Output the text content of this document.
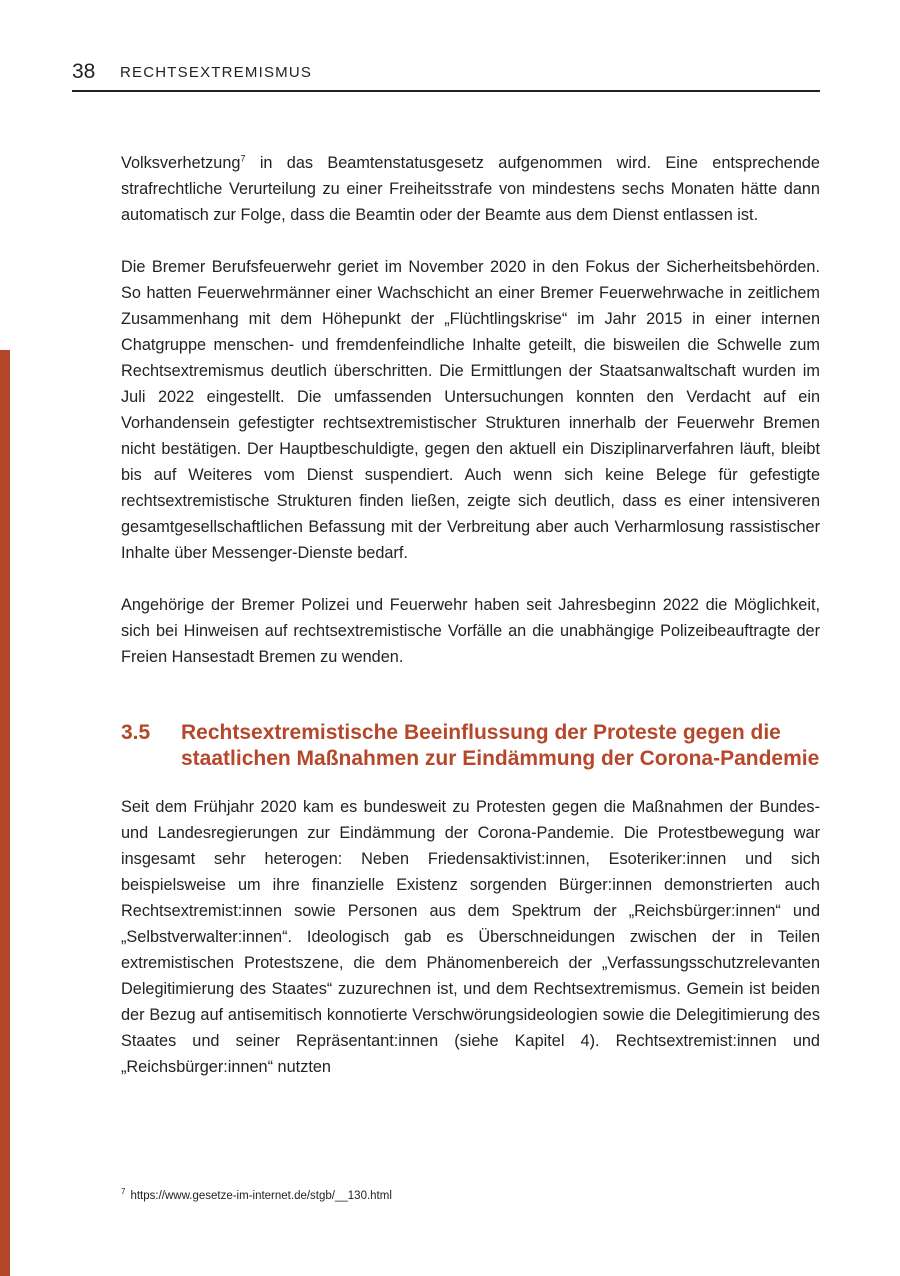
38 RECHTSEXTREMISMUS

Volksverhetzung$^7$ in das Beamtenstatusgesetz aufgenommen wird. Eine entsprechende strafrechtliche Verurteilung zu einer Freiheitsstrafe von mindestens sechs Monaten hätte dann automatisch zur Folge, dass die Beamtin oder der Beamte aus dem Dienst entlassen ist.

Die Bremer Berufsfeuerwehr geriet im November 2020 in den Fokus der Sicherheitsbehörden. So hatten Feuerwehrmänner einer Wachschicht an einer Bremer Feuerwehrwache in zeitlichem Zusammenhang mit dem Höhepunkt der „Flüchtlingskrise“ im Jahr 2015 in einer internen Chatgruppe menschen- und fremdenfeindliche Inhalte geteilt, die bisweilen die Schwelle zum Rechtsextremismus deutlich überschritten. Die Ermittlungen der Staatsanwaltschaft wurden im Juli 2022 eingestellt. Die umfassenden Untersuchungen konnten den Verdacht auf ein Vorhandensein gefestigter rechtsextremistischer Strukturen innerhalb der Feuerwehr Bremen nicht bestätigen. Der Hauptbeschuldigte, gegen den aktuell ein Disziplinarverfahren läuft, bleibt bis auf Weiteres vom Dienst suspendiert. Auch wenn sich keine Belege für gefestigte rechtsextremistische Strukturen finden ließen, zeigte sich deutlich, dass es einer intensiveren gesamtgesellschaftlichen Befassung mit der Verbreitung aber auch Verharmlosung rassistischer Inhalte über Messenger-Dienste bedarf.

Angehörige der Bremer Polizei und Feuerwehr haben seit Jahresbeginn 2022 die Möglichkeit, sich bei Hinweisen auf rechtsextremistische Vorfälle an die unabhängige Polizeibeauftragte der Freien Hansestadt Bremen zu wenden.

3.5	Rechtsextremistische Beeinflussung der Proteste gegen die staatlichen Maßnahmen zur Eindämmung der Corona-Pandemie

Seit dem Frühjahr 2020 kam es bundesweit zu Protesten gegen die Maßnahmen der Bundes- und Landesregierungen zur Eindämmung der Corona-Pandemie. Die Protestbewegung war insgesamt sehr heterogen: Neben Friedensaktivist:innen, Esoteriker:innen und sich beispielsweise um ihre finanzielle Existenz sorgenden Bürger:innen demonstrierten auch Rechtsextremist:innen sowie Personen aus dem Spektrum der „Reichsbürger:innen“ und „Selbstverwalter:innen“. Ideologisch gab es Überschneidungen zwischen der in Teilen extremistischen Protestszene, die dem Phänomenbereich der „Verfassungsschutzrelevanten Delegitimierung des Staates“ zuzurechnen ist, und dem Rechtsextremismus. Gemein ist beiden der Bezug auf antisemitisch konnotierte Verschwörungsideologien sowie die Delegitimierung des Staates und seiner Repräsentant:innen (siehe Kapitel 4). Rechtsextremist:innen und „Reichsbürger:innen“ nutzten

$^7$ https://www.gesetze-im-internet.de/stgb/__130.html
